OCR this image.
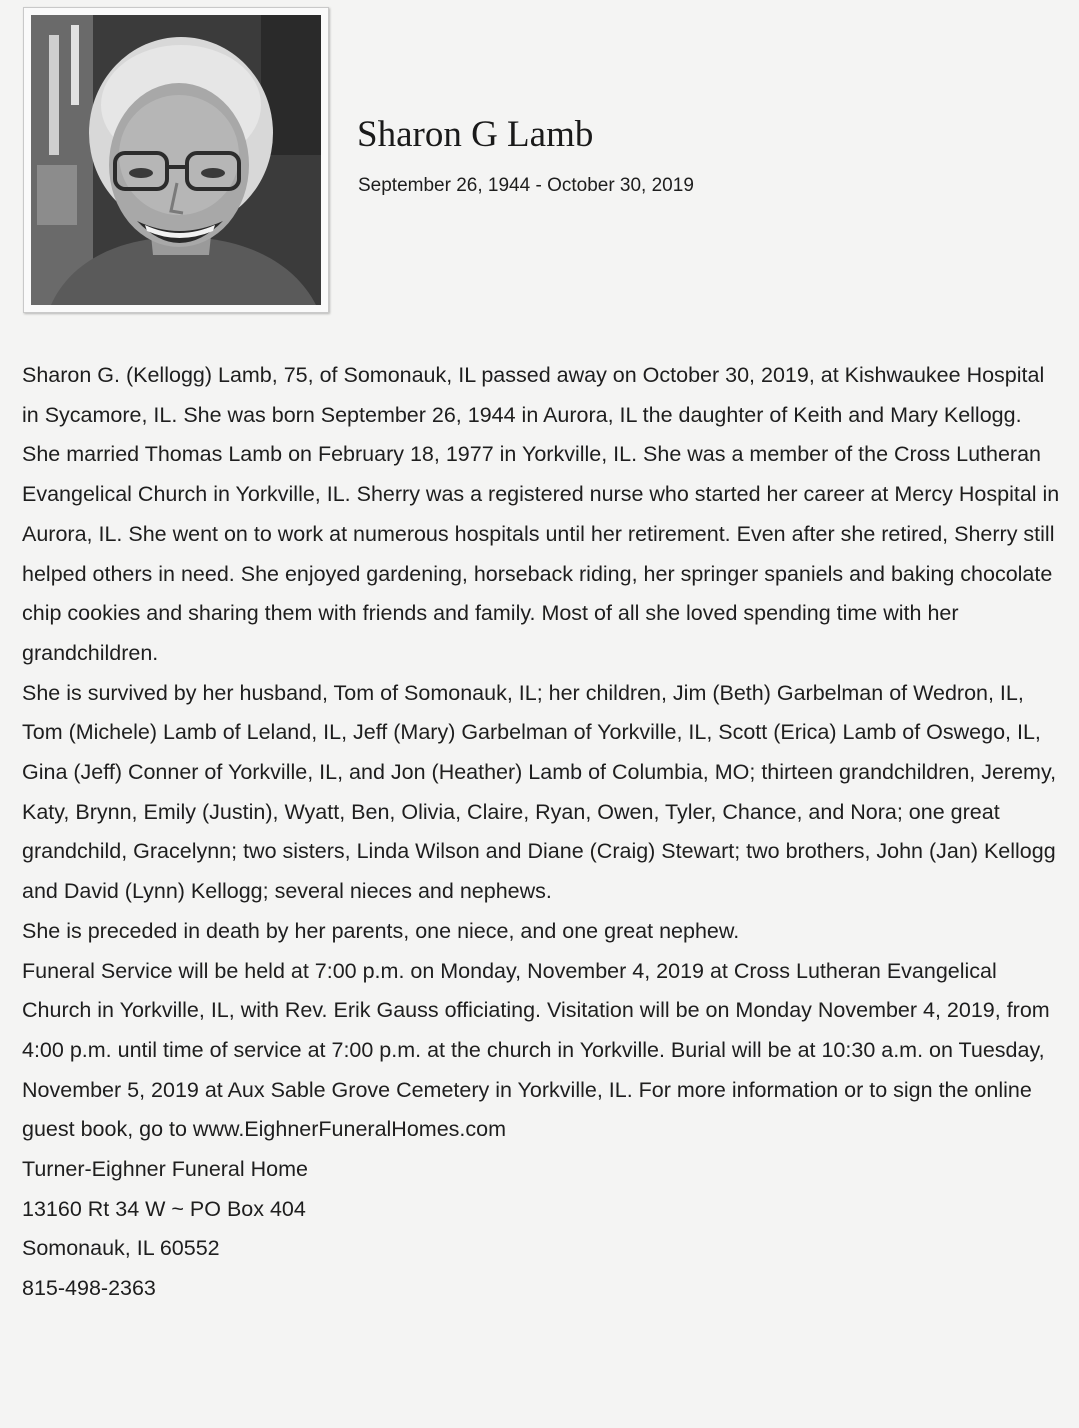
Sharon G Lamb
September 26, 1944 - October 30, 2019

Sharon G. (Kellogg) Lamb, 75, of Somonauk, IL passed away on October 30, 2019, at Kishwaukee Hospital in Sycamore, IL. She was born September 26, 1944 in Aurora, IL the daughter of Keith and Mary Kellogg. She married Thomas Lamb on February 18, 1977 in Yorkville, IL. She was a member of the Cross Lutheran Evangelical Church in Yorkville, IL. Sherry was a registered nurse who started her career at Mercy Hospital in Aurora, IL. She went on to work at numerous hospitals until her retirement. Even after she retired, Sherry still helped others in need. She enjoyed gardening, horseback riding, her springer spaniels and baking chocolate chip cookies and sharing them with friends and family. Most of all she loved spending time with her grandchildren.

She is survived by her husband, Tom of Somonauk, IL; her children, Jim (Beth) Garbelman of Wedron, IL, Tom (Michele) Lamb of Leland, IL, Jeff (Mary) Garbelman of Yorkville, IL, Scott (Erica) Lamb of Oswego, IL, Gina (Jeff) Conner of Yorkville, IL, and Jon (Heather) Lamb of Columbia, MO; thirteen grandchildren, Jeremy, Katy, Brynn, Emily (Justin), Wyatt, Ben, Olivia, Claire, Ryan, Owen, Tyler, Chance, and Nora; one great grandchild, Gracelynn; two sisters, Linda Wilson and Diane (Craig) Stewart; two brothers, John (Jan) Kellogg and David (Lynn) Kellogg; several nieces and nephews.

She is preceded in death by her parents, one niece, and one great nephew.

Funeral Service will be held at 7:00 p.m. on Monday, November 4, 2019 at Cross Lutheran Evangelical Church in Yorkville, IL, with Rev. Erik Gauss officiating. Visitation will be on Monday November 4, 2019, from 4:00 p.m. until time of service at 7:00 p.m. at the church in Yorkville. Burial will be at 10:30 a.m. on Tuesday, November 5, 2019 at Aux Sable Grove Cemetery in Yorkville, IL. For more information or to sign the online guest book, go to www.EighnerFuneralHomes.com

Turner-Eighner Funeral Home

13160 Rt 34 W ~ PO Box 404

Somonauk, IL 60552

815-498-2363
